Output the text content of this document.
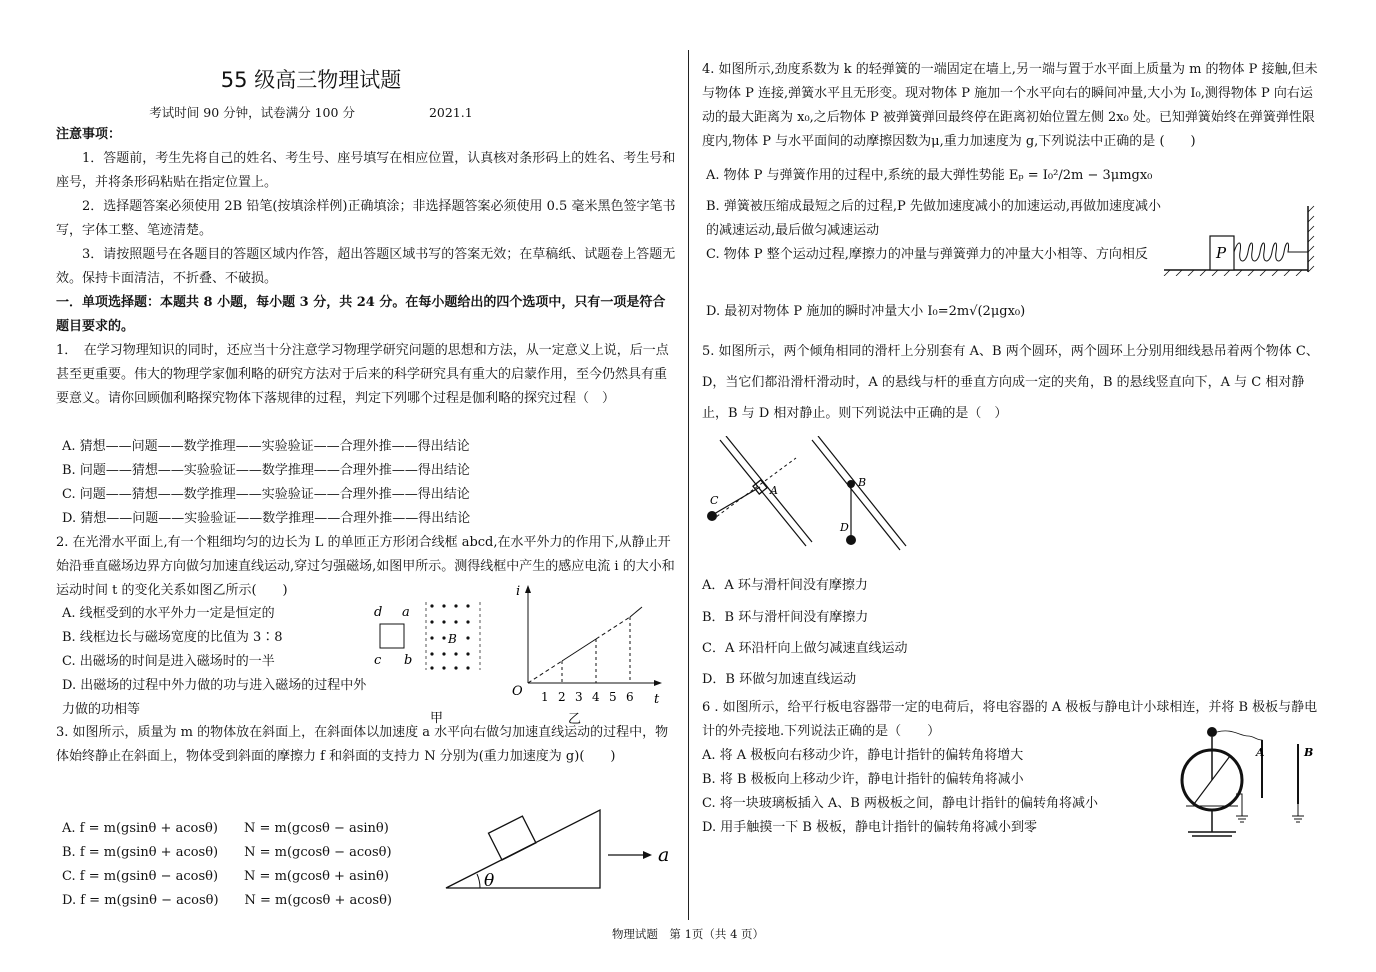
55 级高三物理试题
考试时间 90 分钟，试卷满分 100 分	2021.1
注意事项：
1．答题前，考生先将自己的姓名、考生号、座号填写在相应位置，认真核对条形码上的姓名、考生号和座号，并将条形码粘贴在指定位置上。
2．选择题答案必须使用 2B 铅笔(按填涂样例)正确填涂；非选择题答案必须使用 0.5 毫米黑色签字笔书写，字体工整、笔迹清楚。
3．请按照题号在各题目的答题区域内作答，超出答题区域书写的答案无效；在草稿纸、试题卷上答题无效。保持卡面清洁，不折叠、不破损。
一．单项选择题：本题共 8 小题，每小题 3 分，共 24 分。在每小题给出的四个选项中，只有一项是符合题目要求的。
1．　在学习物理知识的同时，还应当十分注意学习物理学研究问题的思想和方法，从一定意义上说，后一点甚至更重要。伟大的物理学家伽利略的研究方法对于后来的科学研究具有重大的启蒙作用，至今仍然具有重要意义。请你回顾伽利略探究物体下落规律的过程，判定下列哪个过程是伽利略的探究过程（　）
A. 猜想——问题——数学推理——实验验证——合理外推——得出结论
B. 问题——猜想——实验验证——数学推理——合理外推——得出结论
C. 问题——猜想——数学推理——实验验证——合理外推——得出结论
D. 猜想——问题——实验验证——数学推理——合理外推——得出结论
2. 在光滑水平面上,有一个粗细均匀的边长为 L 的单匝正方形闭合线框 abcd,在水平外力的作用下,从静止开始沿垂直磁场边界方向做匀加速直线运动,穿过匀强磁场,如图甲所示。测得线框中产生的感应电流 i 的大小和运动时间 t 的变化关系如图乙所示(　　)
A. 线框受到的水平外力一定是恒定的
B. 线框边长与磁场宽度的比值为 3∶8
C. 出磁场的时间是进入磁场时的一半
D. 出磁场的过程中外力做的功与进入磁场的过程中外力做的功相等
d a
c b
B
甲
i
t
O 1 2 3 4 5 6
乙
3. 如图所示，质量为 m 的物体放在斜面上，在斜面体以加速度 a 水平向右做匀加速直线运动的过程中，物体始终静止在斜面上，物体受到斜面的摩擦力 f 和斜面的支持力 N 分别为(重力加速度为 g)(　　)
A. f = m(gsinθ + acosθ)　　N = m(gcosθ − asinθ)
B. f = m(gsinθ + acosθ)　　N = m(gcosθ − acosθ)
C. f = m(gsinθ − acosθ)　　N = m(gcosθ + asinθ)
D. f = m(gsinθ − acosθ)　　N = m(gcosθ + acosθ)
θ
a
4. 如图所示,劲度系数为 k 的轻弹簧的一端固定在墙上,另一端与置于水平面上质量为 m 的物体 P 接触,但未与物体 P 连接,弹簧水平且无形变。现对物体 P 施加一个水平向右的瞬间冲量,大小为 I₀,测得物体 P 向右运动的最大距离为 x₀,之后物体 P 被弹簧弹回最终停在距离初始位置左侧 2x₀ 处。已知弹簧始终在弹簧弹性限度内,物体 P 与水平面间的动摩擦因数为μ,重力加速度为 g,下列说法中正确的是 (　　)
A. 物体 P 与弹簧作用的过程中,系统的最大弹性势能 Eₚ = I₀²/2m − 3μmgx₀
B. 弹簧被压缩成最短之后的过程,P 先做加速度减小的加速运动,再做加速度减小的减速运动,最后做匀减速运动
C. 物体 P 整个运动过程,摩擦力的冲量与弹簧弹力的冲量大小相等、方向相反
D. 最初对物体 P 施加的瞬时冲量大小 I₀=2m√(2μgx₀)
P
5. 如图所示，两个倾角相同的滑杆上分别套有 A、B 两个圆环，两个圆环上分别用细线悬吊着两个物体 C、D，当它们都沿滑杆滑动时，A 的悬线与杆的垂直方向成一定的夹角，B 的悬线竖直向下，A 与 C 相对静止，B 与 D 相对静止。则下列说法中正确的是（　）
A
C
B
D
A．A 环与滑杆间没有摩擦力
B．B 环与滑杆间没有摩擦力
C．A 环沿杆向上做匀减速直线运动
D．B 环做匀加速直线运动
6 . 如图所示，给平行板电容器带一定的电荷后，将电容器的 A 极板与静电计小球相连，并将 B 极板与静电计的外壳接地.下列说法正确的是（　　）
A. 将 A 极板向右移动少许，静电计指针的偏转角将增大
B. 将 B 极板向上移动少许，静电计指针的偏转角将减小
C. 将一块玻璃板插入 A、B 两极板之间，静电计指针的偏转角将减小
D. 用手触摸一下 B 极板，静电计指针的偏转角将减小到零
A	B
物理试题　第 1页（共 4 页）
